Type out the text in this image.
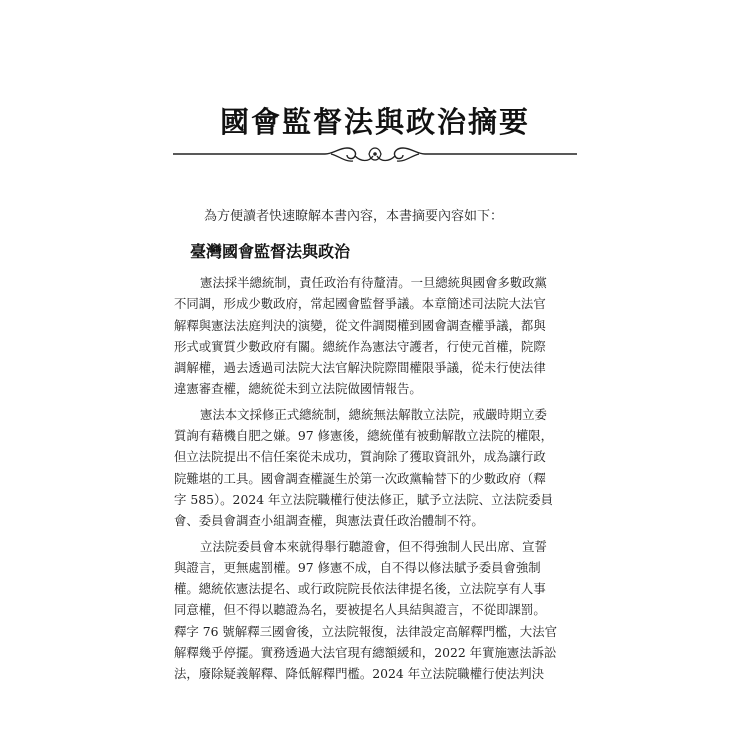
國會監督法與政治摘要
為方便讀者快速瞭解本書內容，本書摘要內容如下：
臺灣國會監督法與政治
憲法採半總統制，責任政治有待釐清。一旦總統與國會多數政黨
不同調，形成少數政府，常起國會監督爭議。本章簡述司法院大法官
解釋與憲法法庭判決的演變，從文件調閱權到國會調查權爭議，都與
形式或實質少數政府有關。總統作為憲法守護者，行使元首權，院際
調解權，過去透過司法院大法官解決院際間權限爭議，從未行使法律
違憲審查權，總統從未到立法院做國情報告。
憲法本文採修正式總統制，總統無法解散立法院，戒嚴時期立委
質詢有藉機自肥之嫌。97 修憲後，總統僅有被動解散立法院的權限，
但立法院提出不信任案從未成功，質詢除了獲取資訊外，成為讓行政
院難堪的工具。國會調查權誕生於第一次政黨輪替下的少數政府（釋
字 585）。2024 年立法院職權行使法修正，賦予立法院、立法院委員
會、委員會調查小組調查權，與憲法責任政治體制不符。
立法院委員會本來就得舉行聽證會，但不得強制人民出席、宣誓
與證言，更無處罰權。97 修憲不成，自不得以修法賦予委員會強制
權。總統依憲法提名、或行政院院長依法律提名後，立法院享有人事
同意權，但不得以聽證為名，要被提名人具結與證言，不從即課罰。
釋字 76 號解釋三國會後，立法院報復，法律設定高解釋門檻，大法官
解釋幾乎停擺。實務透過大法官現有總額緩和，2022 年實施憲法訴訟
法，廢除疑義解釋、降低解釋門檻。2024 年立法院職權行使法判決
